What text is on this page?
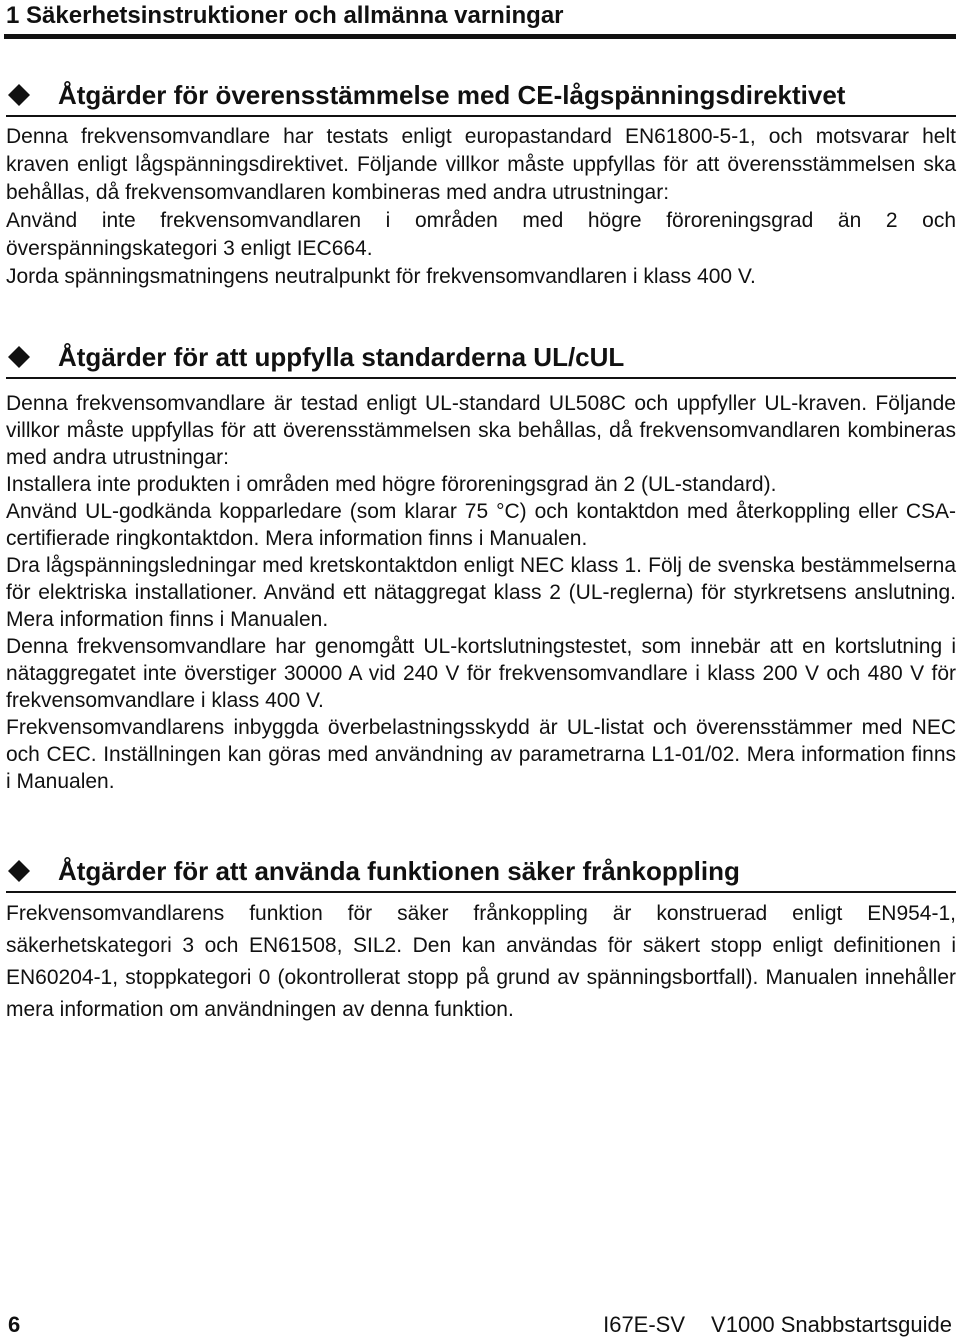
1 Säkerhetsinstruktioner och allmänna varningar
Åtgärder för överensstämmelse med CE-lågspänningsdirektivet

Denna frekvensomvandlare har testats enligt europastandard EN61800-5-1, och motsvarar helt kraven enligt lågspänningsdirektivet. Följande villkor måste uppfyllas för att överensstämmelsen ska behållas, då frekvensomvandlaren kombineras med andra utrustningar:

Använd inte frekvensomvandlaren i områden med högre föroreningsgrad än 2 och överspänningskategori 3 enligt IEC664.

Jorda spänningsmatningens neutralpunkt för frekvensomvandlaren i klass 400 V.

Åtgärder för att uppfylla standarderna UL/cUL

Denna frekvensomvandlare är testad enligt UL-standard UL508C och uppfyller UL-kraven. Följande villkor måste uppfyllas för att överensstämmelsen ska behållas, då frekvensomvandlaren kombineras med andra utrustningar:

Installera inte produkten i områden med högre föroreningsgrad än 2 (UL-standard).

Använd UL-godkända kopparledare (som klarar 75 °C) och kontaktdon med återkoppling eller CSA-certifierade ringkontaktdon. Mera information finns i Manualen.

Dra lågspänningsledningar med kretskontaktdon enligt NEC klass 1. Följ de svenska bestämmelserna för elektriska installationer. Använd ett nätaggregat klass 2 (UL-reglerna) för styrkretsens anslutning. Mera information finns i Manualen.

Denna frekvensomvandlare har genomgått UL-kortslutningstestet, som innebär att en kortslutning i nätaggregatet inte överstiger 30000 A vid 240 V för frekvensomvandlare i klass 200 V och 480 V för frekvensomvandlare i klass 400 V.

Frekvensomvandlarens inbyggda överbelastningsskydd är UL-listat och överensstämmer med NEC och CEC. Inställningen kan göras med användning av parametrarna L1-01/02. Mera information finns i Manualen.

Åtgärder för att använda funktionen säker frånkoppling

Frekvensomvandlarens funktion för säker frånkoppling är konstruerad enligt EN954-1, säkerhetskategori 3 och EN61508, SIL2. Den kan användas för säkert stopp enligt definitionen i EN60204-1, stoppkategori 0 (okontrollerat stopp på grund av spänningsbortfall). Manualen innehåller mera information om användningen av denna funktion.

6	I67E-SV V1000 Snabbstartsguide
